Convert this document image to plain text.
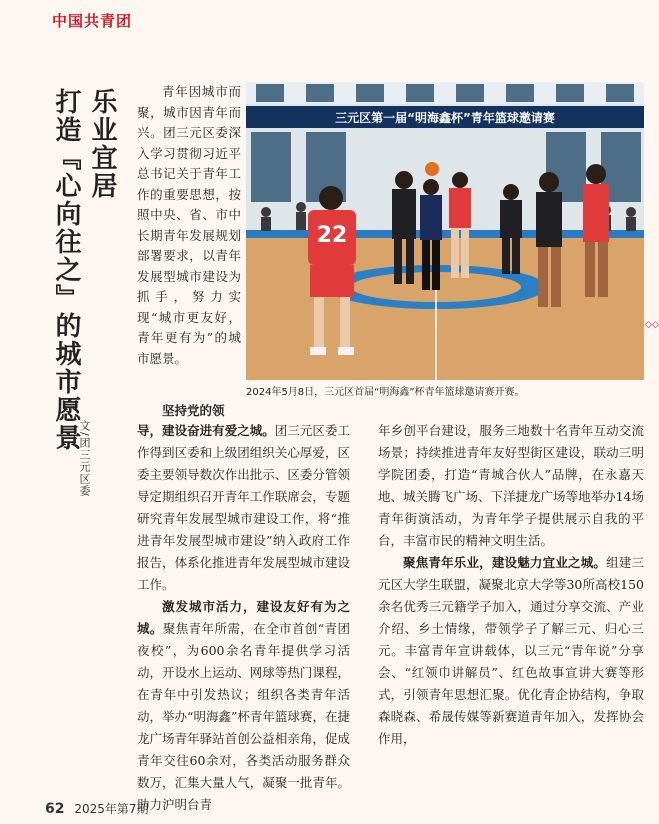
中国共青团
乐业宜居
打造『心向往之』的城市愿景
文/团三元区委

青年因城市而聚，城市因青年而兴。团三元区委深入学习贯彻习近平总书记关于青年工作的重要思想，按照中央、省、市中长期青年发展规划部署要求，以青年发展型城市建设为抓手，努力实现“城市更友好，青年更有为”的城市愿景。

三元区第一届“明海鑫杯”青年篮球邀请赛
22
2024年5月8日，三元区首届“明海鑫”杯青年篮球邀请赛开赛。
坚持党的领

导，建设奋进有爱之城。团三元区委工作得到区委和上级团组织关心厚爱，区委主要领导数次作出批示、区委分管领导定期组织召开青年工作联席会，专题研究青年发展型城市建设工作，将“推进青年发展型城市建设”纳入政府工作报告，体系化推进青年发展型城市建设工作。

激发城市活力，建设友好有为之城。聚焦青年所需，在全市首创“青团夜校”，为600余名青年提供学习活动，开设水上运动、网球等热门课程，在青年中引发热议；组织各类青年活动，举办“明海鑫”杯青年篮球赛，在捷龙广场青年驿站首创公益相亲角，促成青年交往60余对，各类活动服务群众数万，汇集大量人气，凝聚一批青年。助力沪明台青

年乡创平台建设，服务三地数十名青年互动交流场景；持续推进青年友好型街区建设，联动三明学院团委，打造“青城合伙人”品牌，在永嘉天地、城关腾飞广场、下洋捷龙广场等地举办14场青年街演活动，为青年学子提供展示自我的平台，丰富市民的精神文明生活。

聚焦青年乐业，建设魅力宜业之城。组建三元区大学生联盟，凝聚北京大学等30所高校150余名优秀三元籍学子加入，通过分享交流、产业介绍、乡土情缘，带领学子了解三元、归心三元。丰富青年宣讲载体，以三元“青年说”分享会、“红领巾讲解员”、红色故事宣讲大赛等形式，引领青年思想汇聚。优化青企协结构，争取森晓森、希晟传媒等新赛道青年加入，发挥协会作用，

◇◇
62 2025年第7期
